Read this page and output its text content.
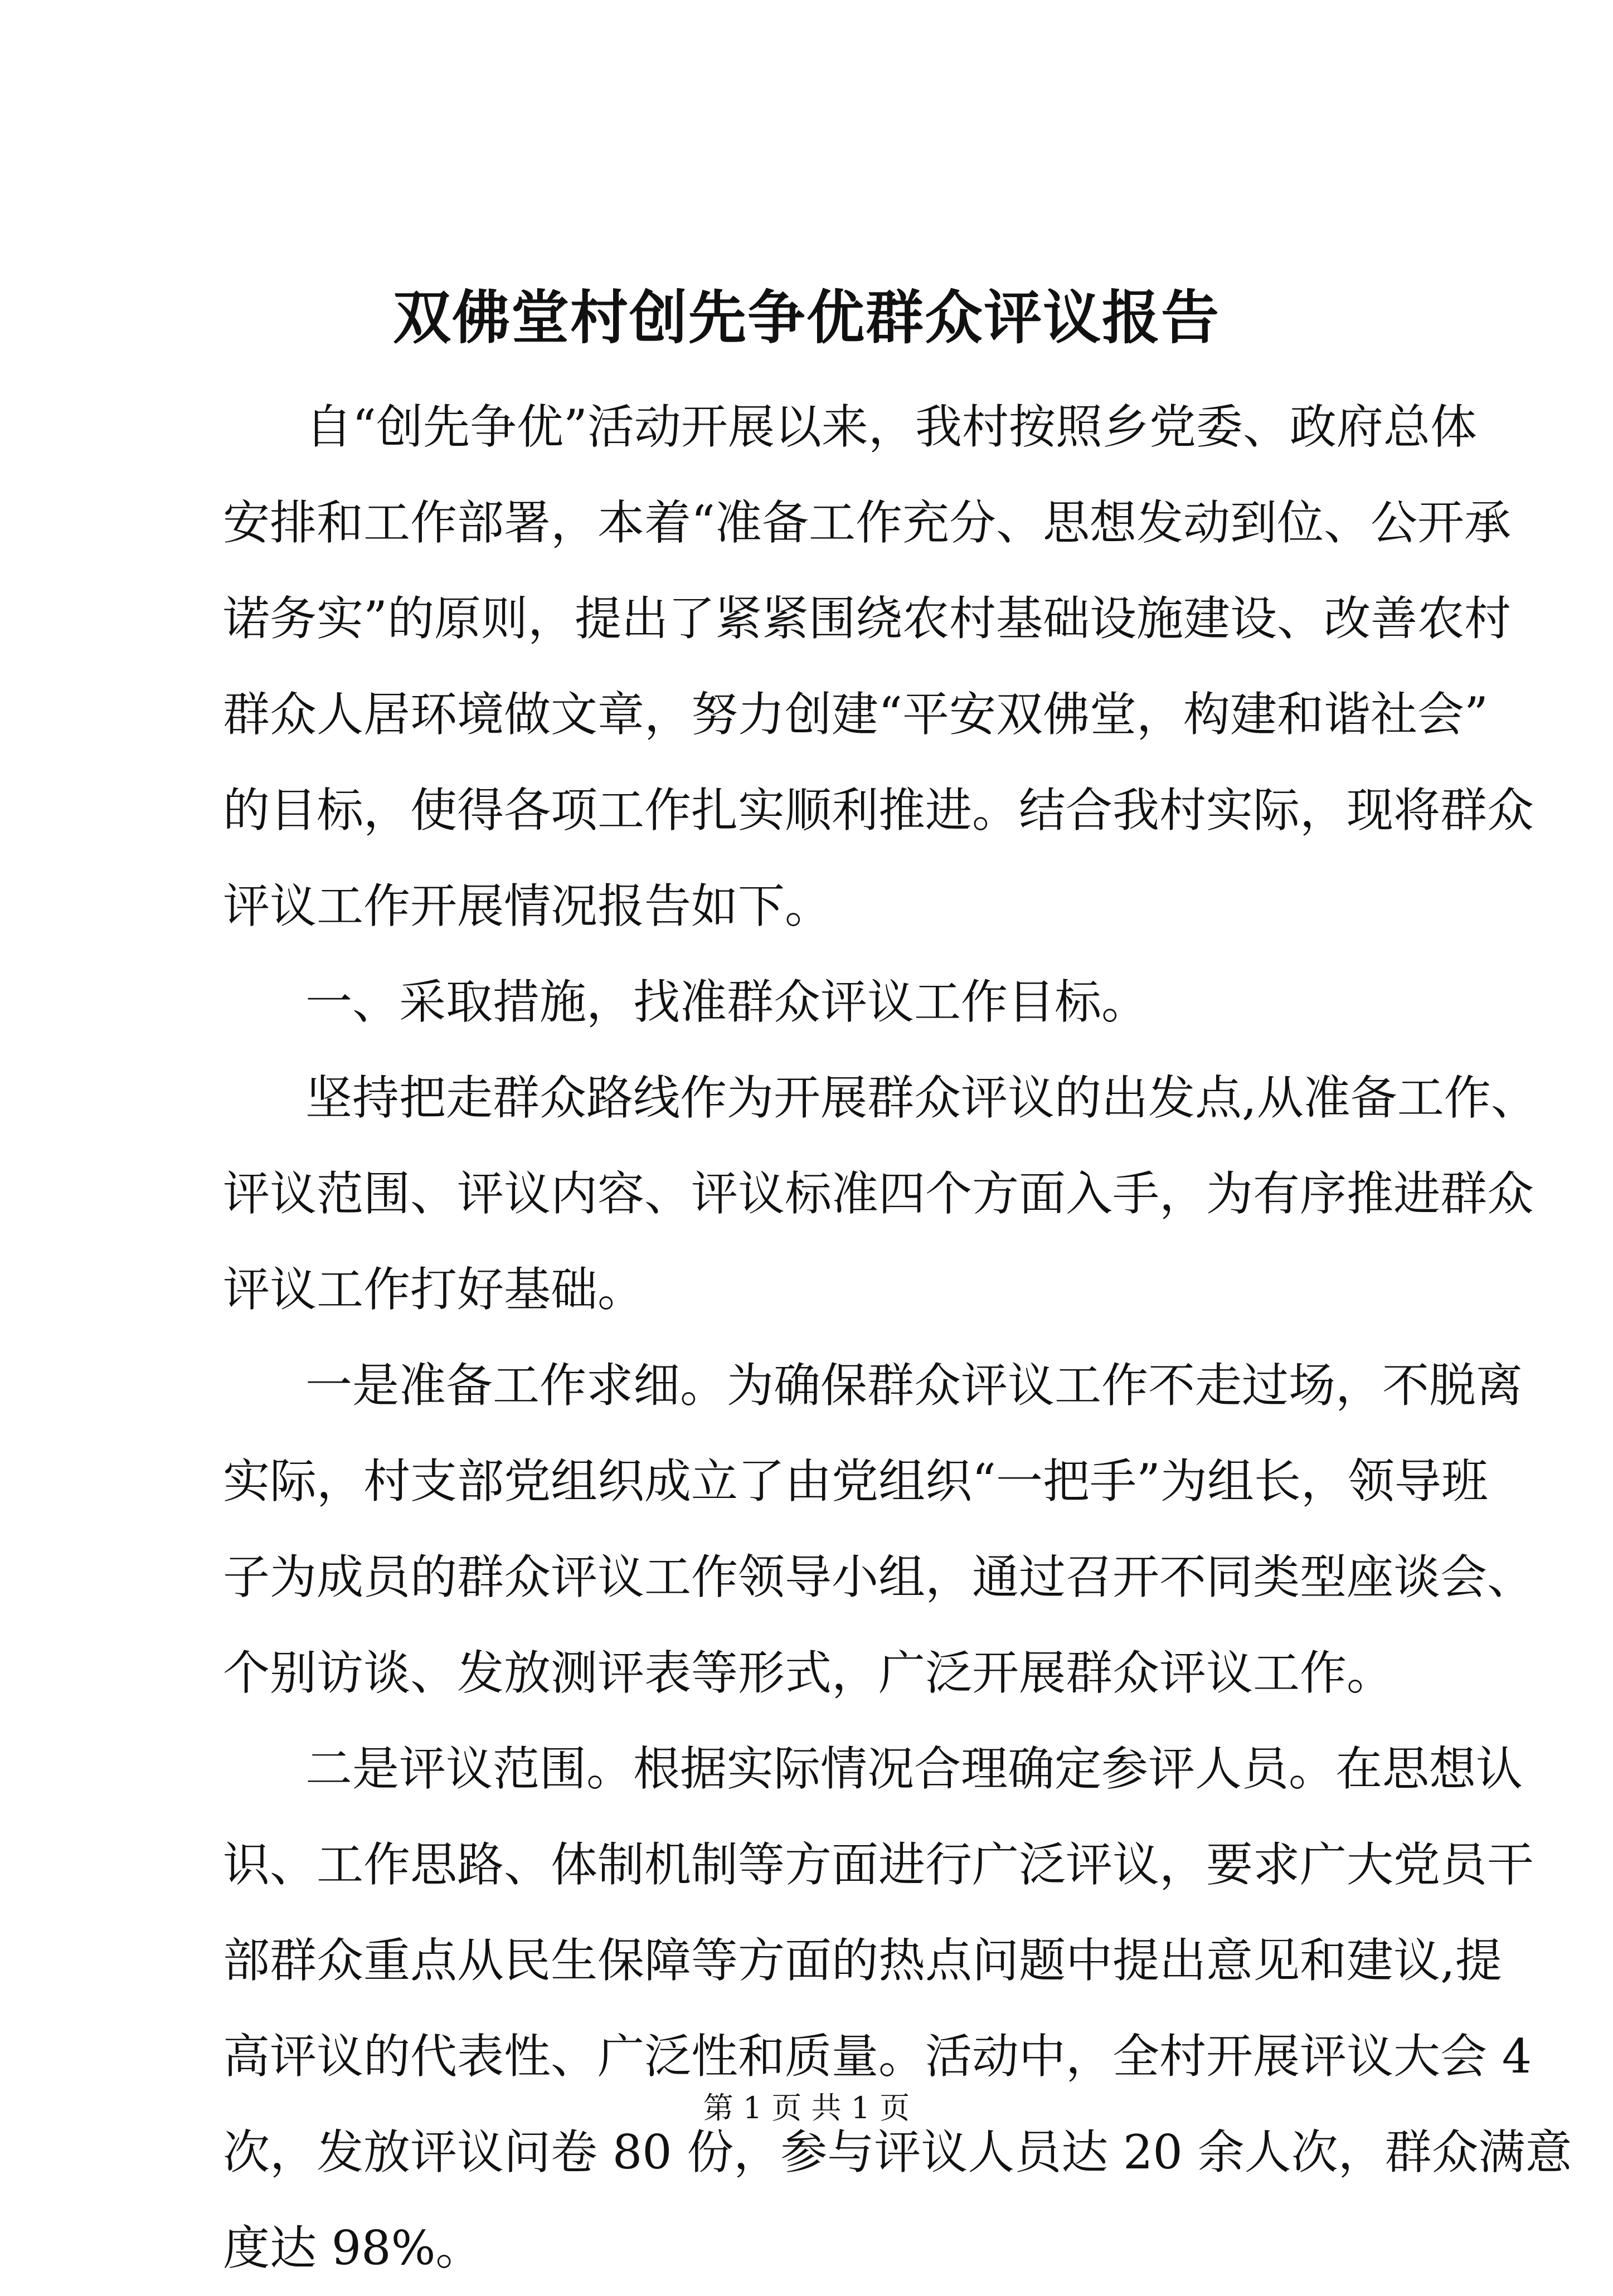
双佛堂村创先争优群众评议报告
自“创先争优”活动开展以来，我村按照乡党委、政府总体
安排和工作部署，本着“准备工作充分、思想发动到位、公开承
诺务实”的原则，提出了紧紧围绕农村基础设施建设、改善农村
群众人居环境做文章，努力创建“平安双佛堂，构建和谐社会”
的目标，使得各项工作扎实顺利推进。结合我村实际，现将群众
评议工作开展情况报告如下。
一、采取措施，找准群众评议工作目标。
坚持把走群众路线作为开展群众评议的出发点,从准备工作、
评议范围、评议内容、评议标准四个方面入手，为有序推进群众
评议工作打好基础。
一是准备工作求细。为确保群众评议工作不走过场，不脱离
实际，村支部党组织成立了由党组织“一把手”为组长，领导班
子为成员的群众评议工作领导小组，通过召开不同类型座谈会、
个别访谈、发放测评表等形式，广泛开展群众评议工作。
二是评议范围。根据实际情况合理确定参评人员。在思想认
识、工作思路、体制机制等方面进行广泛评议，要求广大党员干
部群众重点从民生保障等方面的热点问题中提出意见和建议,提
高评议的代表性、广泛性和质量。活动中，全村开展评议大会 4
次，发放评议问卷 80 份，参与评议人员达 20 余人次，群众满意
度达 98%。
第 1 页 共 1 页
